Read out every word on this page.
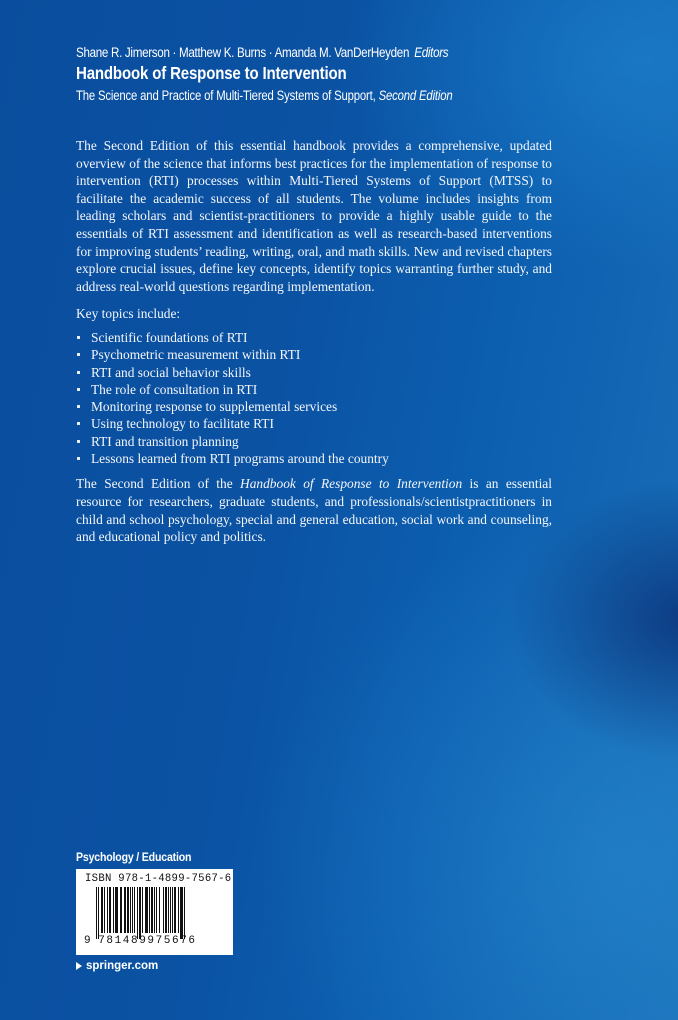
Shane R. Jimerson · Matthew K. Burns · Amanda M. VanDerHeyden Editors
Handbook of Response to Intervention
The Science and Practice of Multi-Tiered Systems of Support, Second Edition

The Second Edition of this essential handbook provides a comprehensive, updated overview of the science that informs best practices for the implementation of response to intervention (RTI) processes within Multi-Tiered Systems of Support (MTSS) to facilitate the academic success of all students. The volume includes insights from leading scholars and scientist-practitioners to provide a highly usable guide to the essentials of RTI assessment and identification as well as research-based interventions for improving students’ reading, writing, oral, and math skills. New and revised chapters explore crucial issues, define key concepts, identify topics warranting further study, and address real-world questions regarding implementation.

Key topics include:

Scientific foundations of RTI
Psychometric measurement within RTI
RTI and social behavior skills
The role of consultation in RTI
Monitoring response to supplemental services
Using technology to facilitate RTI
RTI and transition planning
Lessons learned from RTI programs around the country

The Second Edition of the Handbook of Response to Intervention is an essential resource for researchers, graduate students, and professionals/scientistpractitioners in child and school psychology, special and general education, social work and counseling, and educational policy and politics.

Psychology / Education
ISBN 978-1-4899-7567-6
9 781489975676
springer.com
